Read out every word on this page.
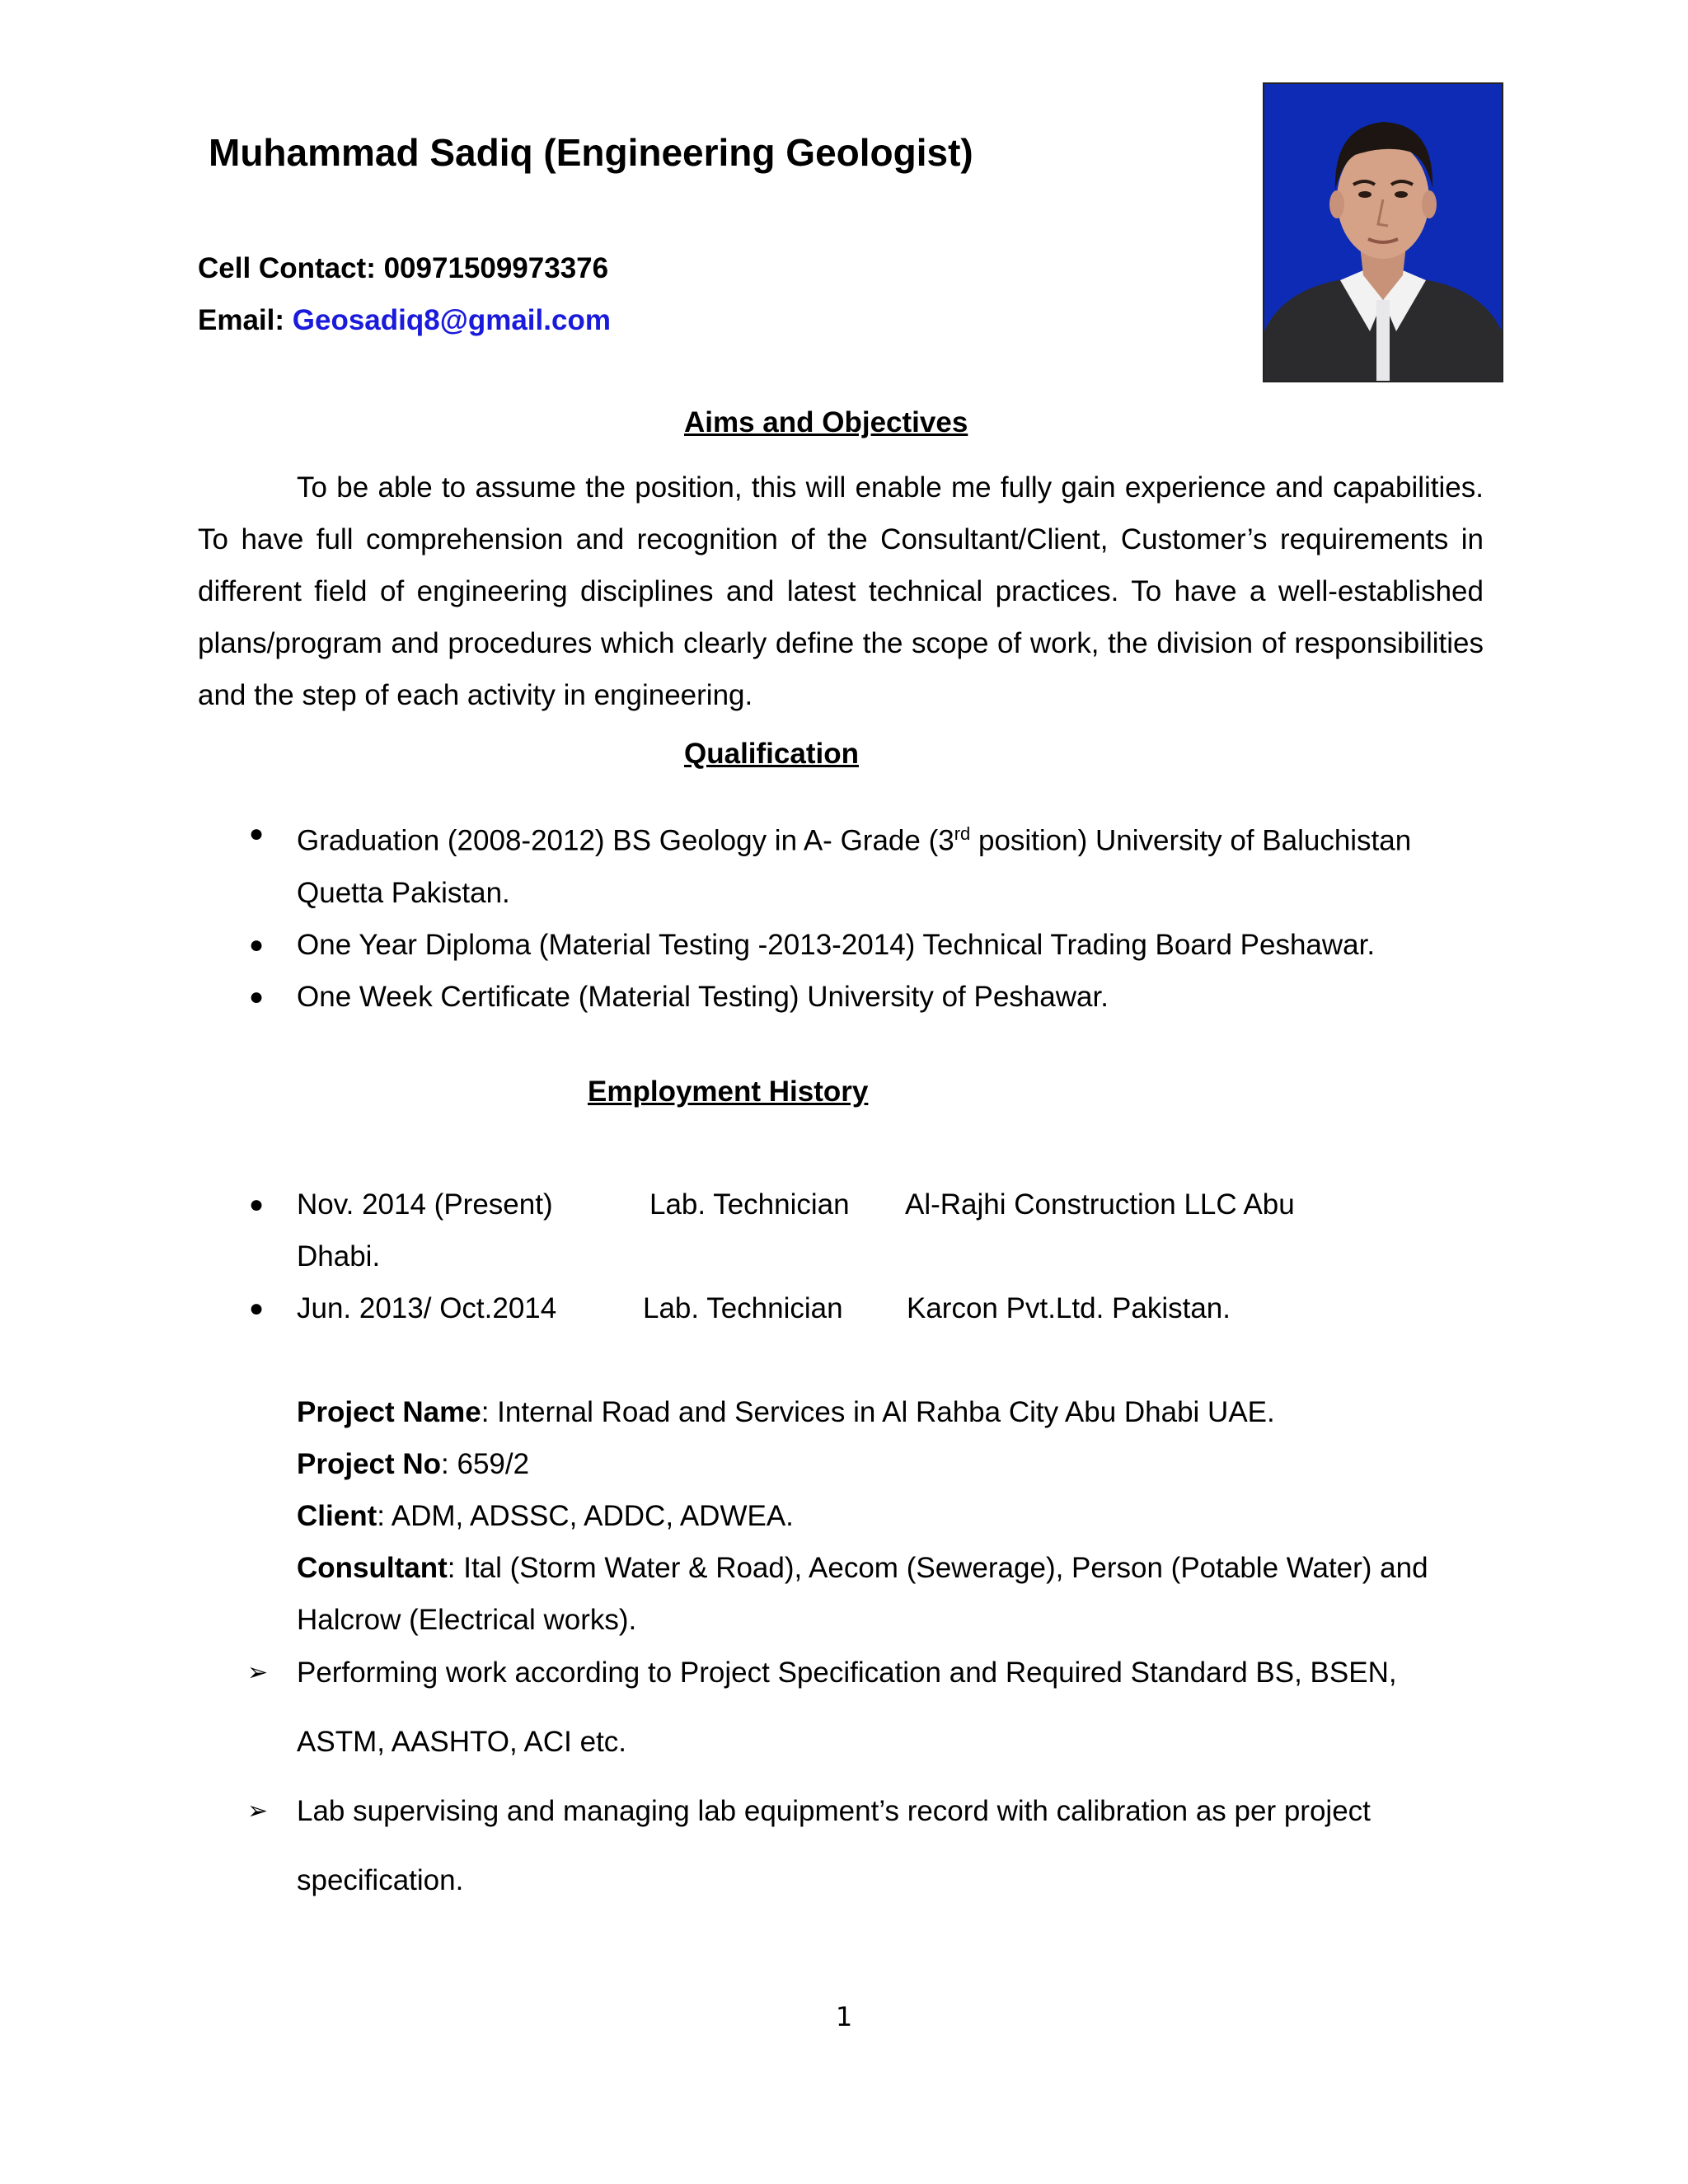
Muhammad Sadiq (Engineering Geologist)
Cell Contact: 00971509973376
Email: Geosadiq8@gmail.com
Aims and Objectives

To be able to assume the position, this will enable me fully gain experience and capabilities. To have full comprehension and recognition of the Consultant/Client, Customer’s requirements in different field of engineering disciplines and latest technical practices. To have a well-established plans/program and procedures which clearly define the scope of work, the division of responsibilities and the step of each activity in engineering.

Qualification
● Graduation (2008-2012) BS Geology in A- Grade (3rd position) University of Baluchistan Quetta Pakistan.
● One Year Diploma (Material Testing -2013-2014) Technical Trading Board Peshawar.
● One Week Certificate (Material Testing) University of Peshawar.
Employment History
● Nov. 2014 (Present)	Lab. Technician Al-Rajhi Construction LLC Abu
Dhabi.
● Jun. 2013/ Oct.2014	Lab. Technician Karcon Pvt.Ltd. Pakistan.

Project Name: Internal Road and Services in Al Rahba City Abu Dhabi UAE.

Project No: 659/2

Client: ADM, ADSSC, ADDC, ADWEA.

Consultant: Ital (Storm Water & Road), Aecom (Sewerage), Person (Potable Water) and Halcrow (Electrical works).

➢ Performing work according to Project Specification and Required Standard BS, BSEN, ASTM, AASHTO, ACI etc.

➢ Lab supervising and managing lab equipment’s record with calibration as per project specification.

1
